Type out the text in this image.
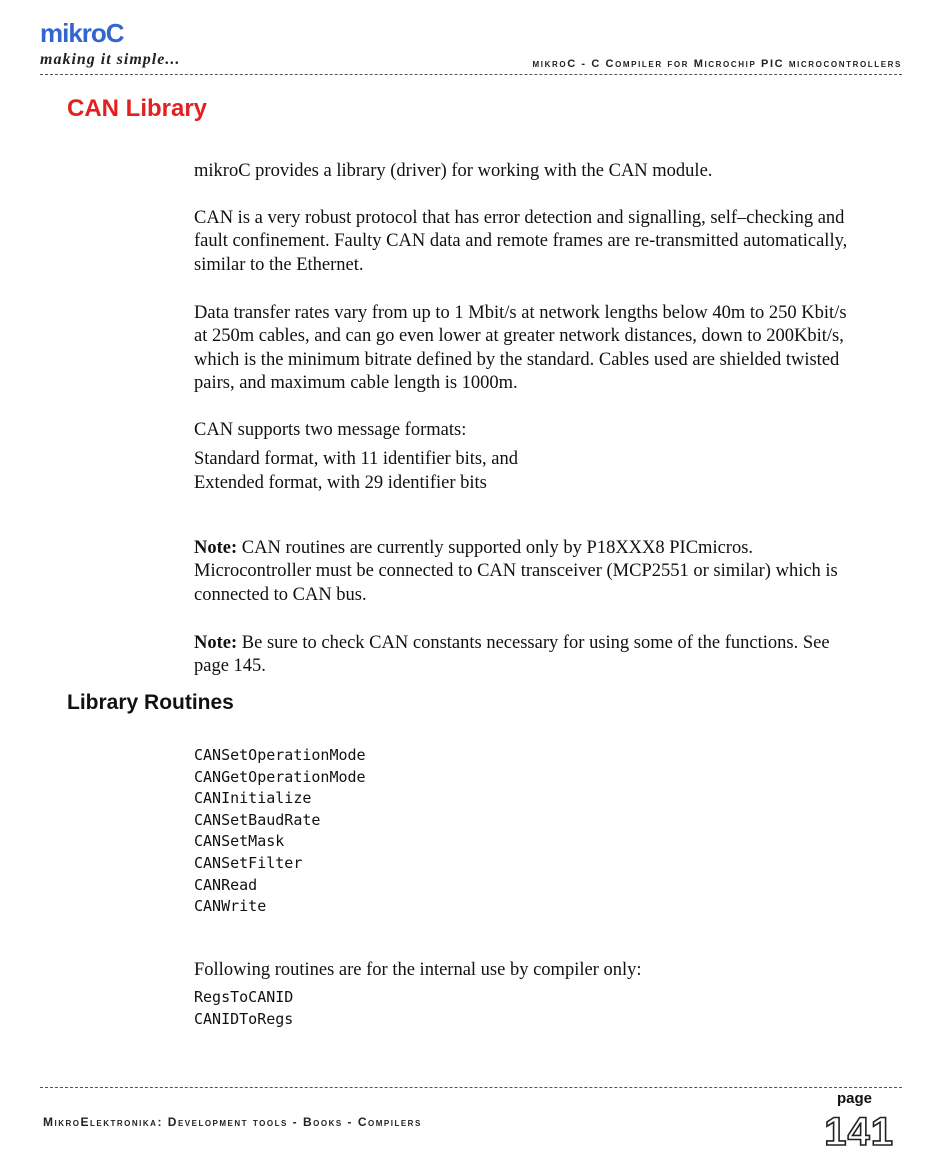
mikroC
making it simple...	mikroC - C Compiler for Microchip PIC microcontrollers
CAN Library

mikroC provides a library (driver) for working with the CAN module.

CAN is a very robust protocol that has error detection and signalling, self–checking and fault confinement. Faulty CAN data and remote frames are re-transmitted automatically, similar to the Ethernet.

Data transfer rates vary from up to 1 Mbit/s at network lengths below 40m to 250 Kbit/s at 250m cables, and can go even lower at greater network distances, down to 200Kbit/s, which is the minimum bitrate defined by the standard. Cables used are shielded twisted pairs, and maximum cable length is 1000m.

CAN supports two message formats:

Standard format, with 11 identifier bits, and

Extended format, with 29 identifier bits

Note: CAN routines are currently supported only by P18XXX8 PICmicros. Microcontroller must be connected to CAN transceiver (MCP2551 or similar) which is connected to CAN bus.

Note: Be sure to check CAN constants necessary for using some of the functions. See page 145.

Library Routines
CANSetOperationMode
CANGetOperationMode
CANInitialize
CANSetBaudRate
CANSetMask
CANSetFilter
CANRead
CANWrite

Following routines are for the internal use by compiler only:

RegsToCANID
CANIDToRegs
MikroElektronika: Development tools - Books - Compilers
page
141
